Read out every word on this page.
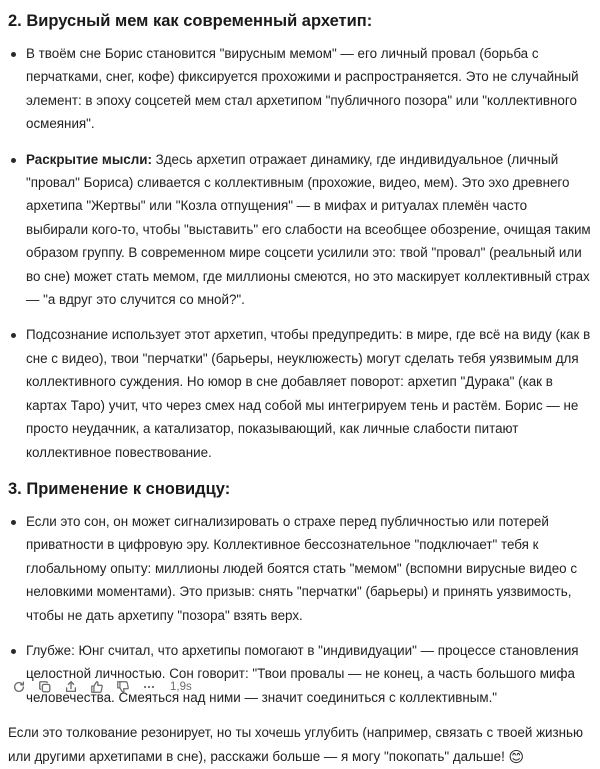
2. Вирусный мем как современный архетип:
В твоём сне Борис становится "вирусным мемом" — его личный провал (борьба с перчатками, снег, кофе) фиксируется прохожими и распространяется. Это не случайный элемент: в эпоху соцсетей мем стал архетипом "публичного позора" или "коллективного осмеяния".
Раскрытие мысли: Здесь архетип отражает динамику, где индивидуальное (личный "провал" Бориса) сливается с коллективным (прохожие, видео, мем). Это эхо древнего архетипа "Жертвы" или "Козла отпущения" — в мифах и ритуалах племён часто выбирали кого-то, чтобы "выставить" его слабости на всеобщее обозрение, очищая таким образом группу. В современном мире соцсети усилили это: твой "провал" (реальный или во сне) может стать мемом, где миллионы смеются, но это маскирует коллективный страх — "а вдруг это случится со мной?".
Подсознание использует этот архетип, чтобы предупредить: в мире, где всё на виду (как в сне с видео), твои "перчатки" (барьеры, неуклюжесть) могут сделать тебя уязвимым для коллективного суждения. Но юмор в сне добавляет поворот: архетип "Дурака" (как в картах Таро) учит, что через смех над собой мы интегрируем тень и растём. Борис — не просто неудачник, а катализатор, показывающий, как личные слабости питают коллективное повествование.
3. Применение к сновидцу:
Если это сон, он может сигнализировать о страхе перед публичностью или потерей приватности в цифровую эру. Коллективное бессознательное "подключает" тебя к глобальному опыту: миллионы людей боятся стать "мемом" (вспомни вирусные видео с неловкими моментами). Это призыв: снять "перчатки" (барьеры) и принять уязвимость, чтобы не дать архетипу "позора" взять верх.
Глубже: Юнг считал, что архетипы помогают в "индивидуации" — процессе становления целостной личностью. Сон говорит: "Твои провалы — не конец, а часть большого мифа человечества. Смеяться над ними — значит соединиться с коллективным."

Если это толкование резонирует, но ты хочешь углубить (например, связать с твоей жизнью или другими архетипами в сне), расскажи больше — я могу "покопать" дальше! 😊

1,9s
